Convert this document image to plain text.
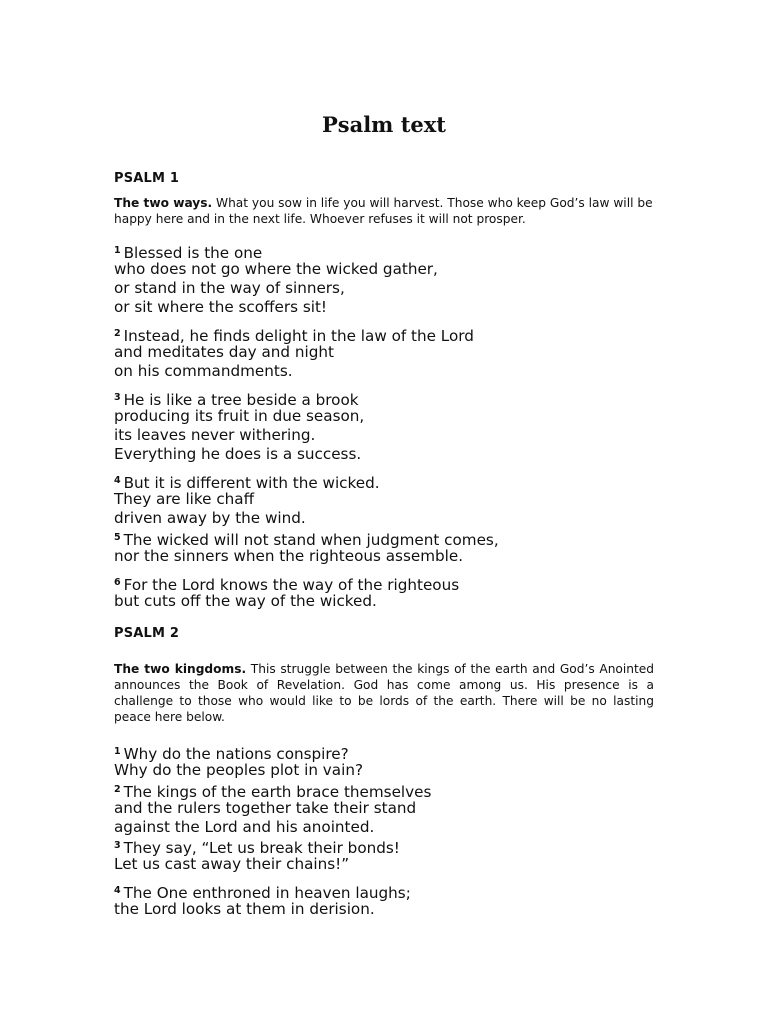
Psalm text
PSALM 1

The two ways. What you sow in life you will harvest. Those who keep God’s law will be happy here and in the next life. Whoever refuses it will not prosper.

$^1$ Blessed is the one
who does not go where the wicked gather,
or stand in the way of sinners,
or sit where the scoffers sit!
$^2$ Instead, he finds delight in the law of the Lord
and meditates day and night
on his commandments.
$^3$ He is like a tree beside a brook
producing its fruit in due season,
its leaves never withering.
Everything he does is a success.
$^4$ But it is different with the wicked.
They are like chaff
driven away by the wind.
$^5$ The wicked will not stand when judgment comes,
nor the sinners when the righteous assemble.
$^6$ For the Lord knows the way of the righteous
but cuts off the way of the wicked.
PSALM 2

The two kingdoms. This struggle between the kings of the earth and God’s Anointed announces the Book of Revelation. God has come among us. His presence is a challenge to those who would like to be lords of the earth. There will be no lasting peace here below.

$^1$ Why do the nations conspire?
Why do the peoples plot in vain?
$^2$ The kings of the earth brace themselves
and the rulers together take their stand
against the Lord and his anointed.
$^3$ They say, “Let us break their bonds!
Let us cast away their chains!”
$^4$ The One enthroned in heaven laughs;
the Lord looks at them in derision.
